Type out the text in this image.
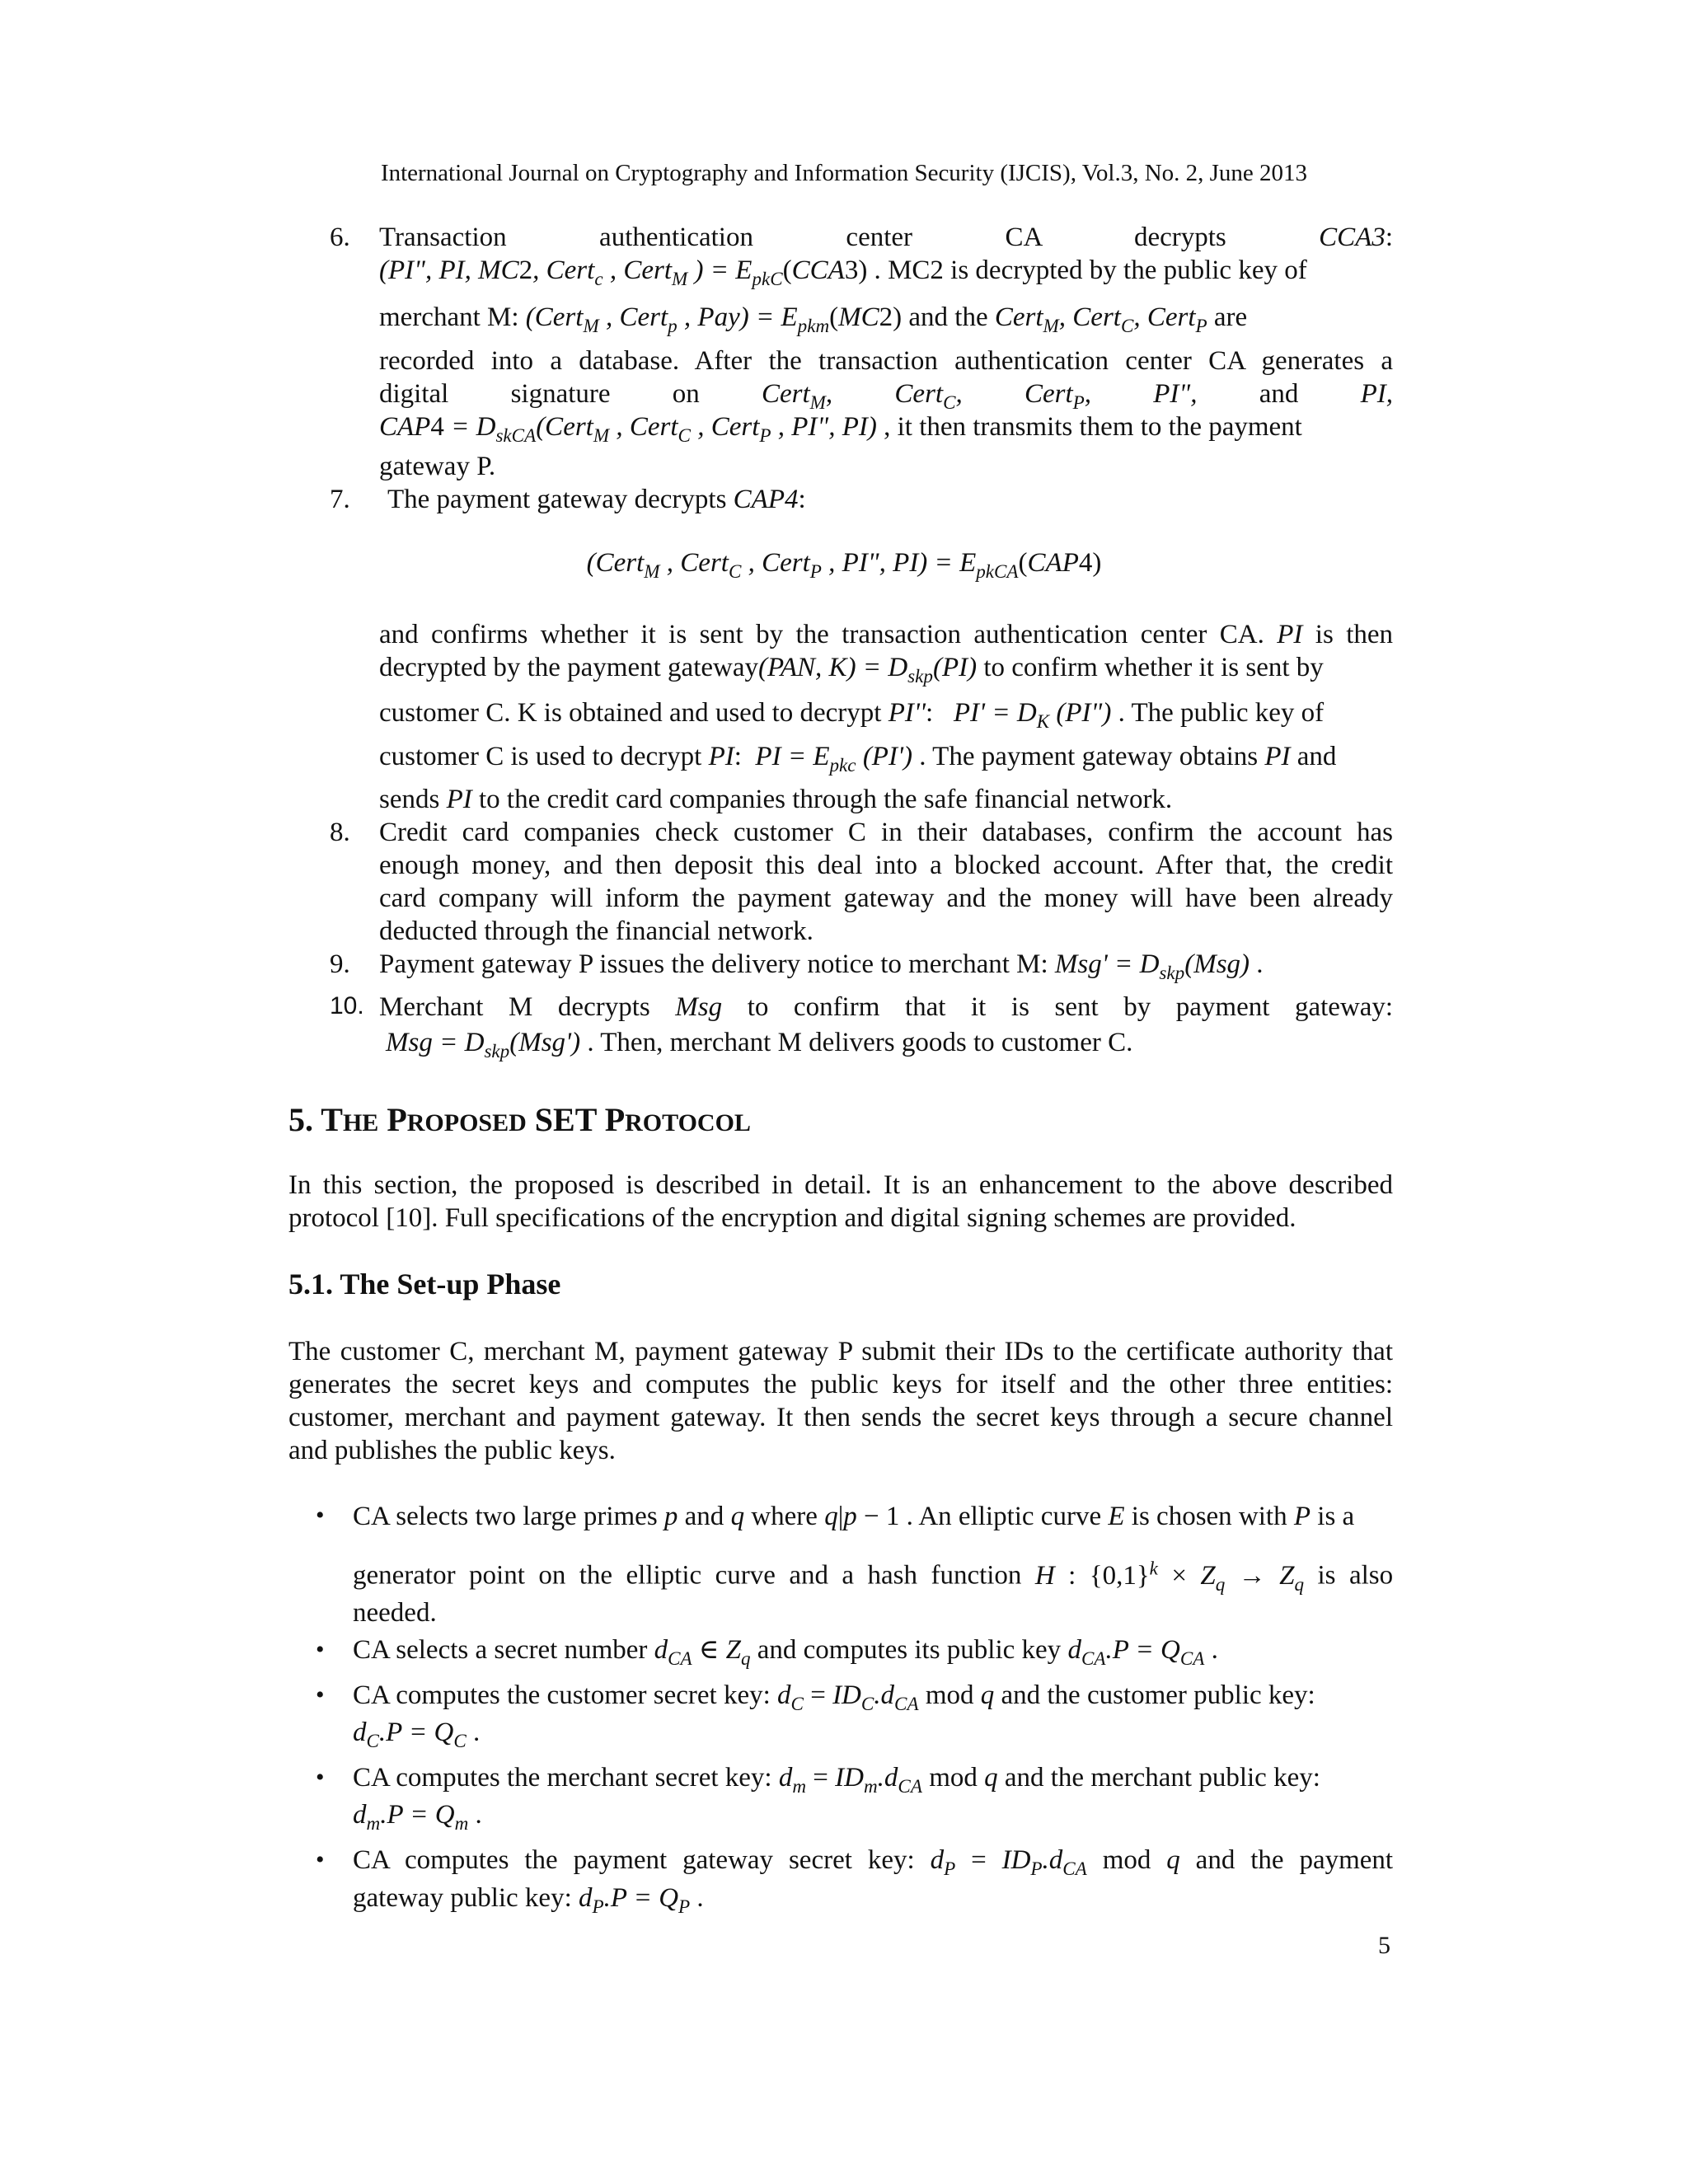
International Journal on Cryptography and Information Security (IJCIS), Vol.3, No. 2, June 2013
6. Transaction	authentication	center	CA	decrypts	CCA3:
(PI", PI, MC2, Cert$_c$ , Cert$_M$ ) = $E_{pkC}(CCA3)$ . MC2 is decrypted by the public key of
merchant M: (Cert$_M$ , Cert$_p$ , $Pay) = E_{pkm}(MC2)$ and the Cert$_M$, Cert$_C$, Cert$_P$ are
recorded into a database. After the transaction authentication center CA generates a
digital signature on Cert$_M$, Cert$_C$, Cert$_P$, PI", and PI,
$CAP4 = D_{skCA}(Cert_M$ , Cert$_C$ , Cert$_P$ , PI", PI) , it then transmits them to the payment
gateway P.
7. The payment gateway decrypts CAP4:
(Cert$_M$ , Cert$_C$ , Cert$_P$ , PI", $PI) = E_{pkCA}(CAP4)$
and confirms whether it is sent by the transaction authentication center CA. PI is then
decrypted by the payment gateway(PAN, $K) = D_{skp}(PI)$ to confirm whether it is sent by
customer C. K is obtained and used to decrypt PI'':   $PI' = D_K$ (PI") . The public key of
customer C is used to decrypt PI:  PI = $E_{pkc}$ (PI') . The payment gateway obtains PI and
sends PI to the credit card companies through the safe financial network.
8. Credit card companies check customer C in their databases, confirm the account has
enough money, and then deposit this deal into a blocked account. After that, the credit
card company will inform the payment gateway and the money will have been already
deducted through the financial network.
9. Payment gateway P issues the delivery notice to merchant M: $Msg' = D_{skp}(Msg)$ .
10. Merchant M decrypts Msg to confirm that it is sent by payment gateway:
Msg = $D_{skp}(Msg')$ . Then, merchant M delivers goods to customer C.
5. THE PROPOSED SET PROTOCOL
In this section, the proposed is described in detail. It is an enhancement to the above described
protocol [10]. Full specifications of the encryption and digital signing schemes are provided.
5.1. The Set-up Phase
The customer C, merchant M, payment gateway P submit their IDs to the certificate authority that
generates the secret keys and computes the public keys for itself and the other three entities:
customer, merchant and payment gateway. It then sends the secret keys through a secure channel
and publishes the public keys.
• CA selects two large primes p and q where q|p − 1 . An elliptic curve E is chosen with P is a
generator point on the elliptic curve and a hash function H : $\{0,1\}^k \times Z_q \to Z_q$ is also
needed.
• CA selects a secret number $d_{CA}$ ∈ $Z_q$ and computes its public key $d_{CA}.P = Q_{CA}$ .
• CA computes the customer secret key: $d_C = ID_C.d_{CA}$ mod q and the customer public key:
$d_C.P = Q_C$ .
• CA computes the merchant secret key: $d_m = ID_m.d_{CA}$ mod q and the merchant public key:
$d_m.P = Q_m$ .
• CA computes the payment gateway secret key: $d_P = ID_P.d_{CA}$ mod q and the payment
gateway public key: $d_P.P = Q_P$ .
5
